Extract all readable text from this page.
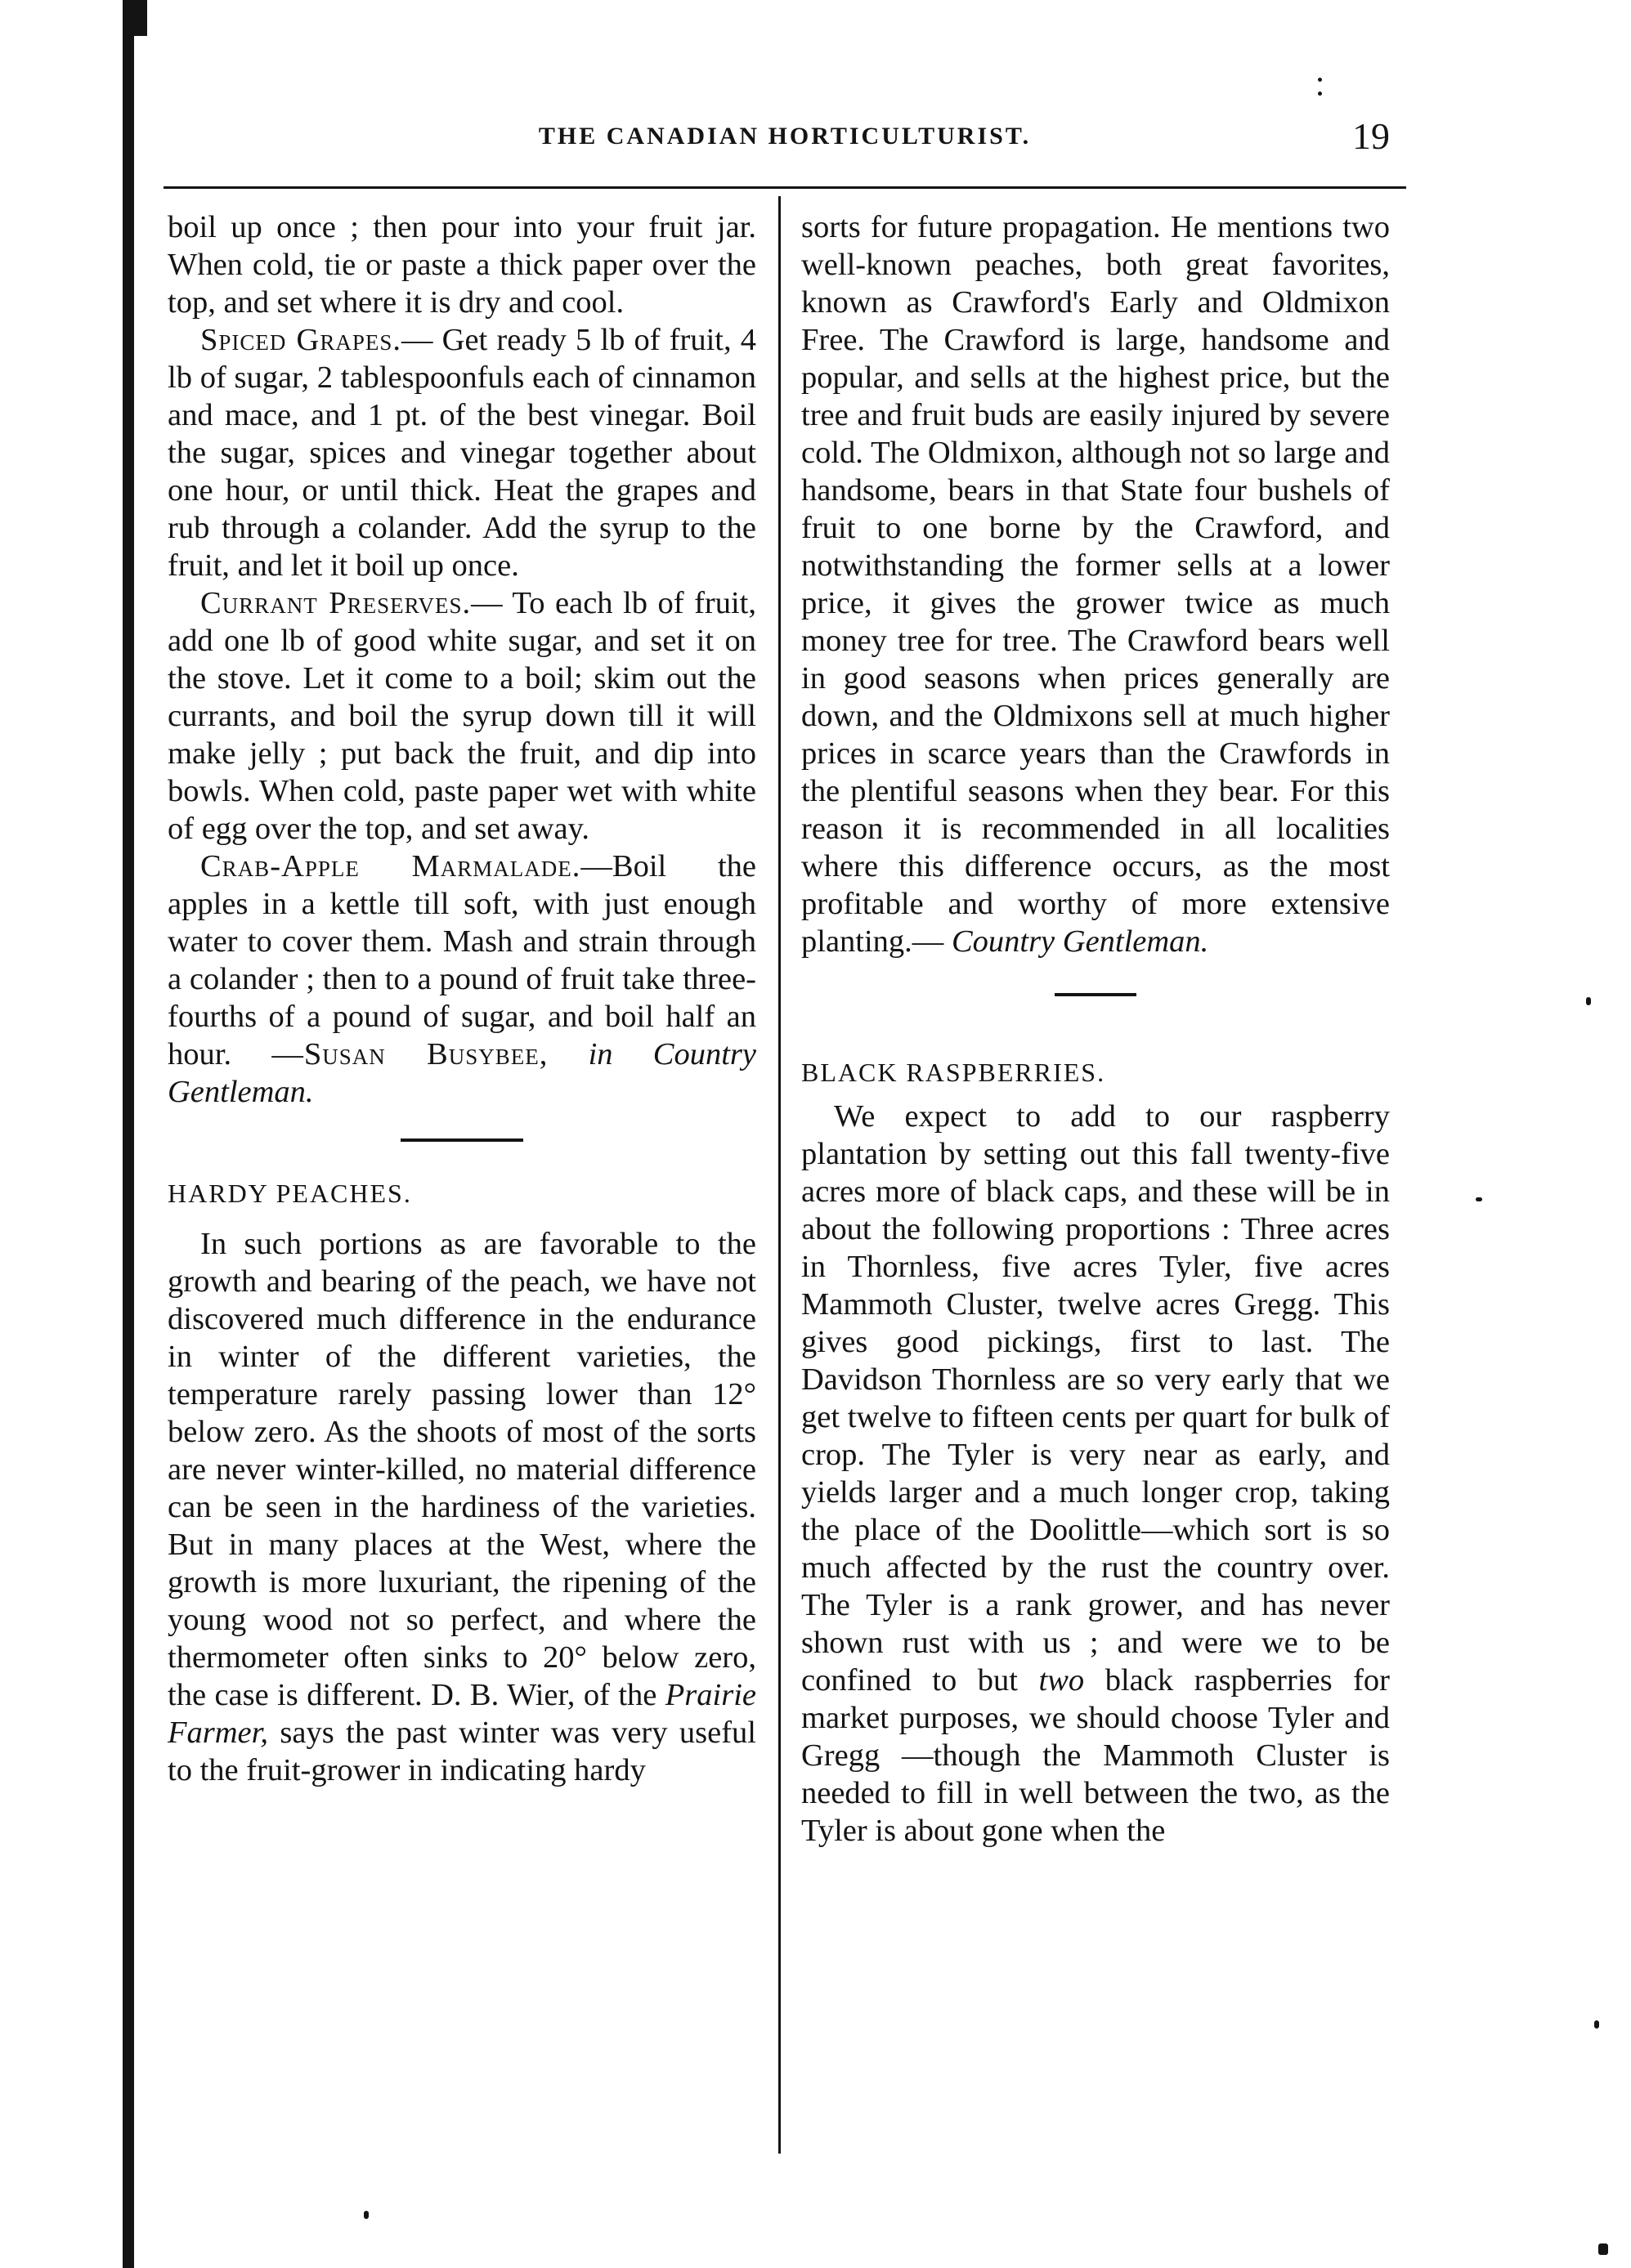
THE CANADIAN HORTICULTURIST.	19

boil up once ; then pour into your fruit jar. When cold, tie or paste a thick paper over the top, and set where it is dry and cool.

Spiced Grapes.— Get ready 5 lb of fruit, 4 lb of sugar, 2 tablespoonfuls each of cinnamon and mace, and 1 pt. of the best vinegar. Boil the sugar, spices and vinegar together about one hour, or until thick. Heat the grapes and rub through a colander. Add the syrup to the fruit, and let it boil up once.

Currant Preserves.— To each lb of fruit, add one lb of good white sugar, and set it on the stove. Let it come to a boil; skim out the currants, and boil the syrup down till it will make jelly ; put back the fruit, and dip into bowls. When cold, paste paper wet with white of egg over the top, and set away.

Crab-Apple Marmalade.—Boil the apples in a kettle till soft, with just enough water to cover them. Mash and strain through a colander ; then to a pound of fruit take three-fourths of a pound of sugar, and boil half an hour. —Susan Busybee, in Country Gentleman.

HARDY PEACHES.

In such portions as are favorable to the growth and bearing of the peach, we have not discovered much difference in the endurance in winter of the different varieties, the temperature rarely passing lower than 12° below zero. As the shoots of most of the sorts are never winter-killed, no material difference can be seen in the hardiness of the varieties. But in many places at the West, where the growth is more luxuriant, the ripening of the young wood not so perfect, and where the thermometer often sinks to 20° below zero, the case is different. D. B. Wier, of the Prairie Farmer, says the past winter was very useful to the fruit-grower in indicating hardy

sorts for future propagation. He mentions two well-known peaches, both great favorites, known as Crawford's Early and Oldmixon Free. The Crawford is large, handsome and popular, and sells at the highest price, but the tree and fruit buds are easily injured by severe cold. The Oldmixon, although not so large and handsome, bears in that State four bushels of fruit to one borne by the Crawford, and notwithstanding the former sells at a lower price, it gives the grower twice as much money tree for tree. The Crawford bears well in good seasons when prices generally are down, and the Oldmixons sell at much higher prices in scarce years than the Crawfords in the plentiful seasons when they bear. For this reason it is recommended in all localities where this difference occurs, as the most profitable and worthy of more extensive planting.— Country Gentleman.

BLACK RASPBERRIES.

We expect to add to our raspberry plantation by setting out this fall twenty-five acres more of black caps, and these will be in about the following proportions : Three acres in Thornless, five acres Tyler, five acres Mammoth Cluster, twelve acres Gregg. This gives good pickings, first to last. The Davidson Thornless are so very early that we get twelve to fifteen cents per quart for bulk of crop. The Tyler is very near as early, and yields larger and a much longer crop, taking the place of the Doolittle—which sort is so much affected by the rust the country over. The Tyler is a rank grower, and has never shown rust with us ; and were we to be confined to but two black raspberries for market purposes, we should choose Tyler and Gregg —though the Mammoth Cluster is needed to fill in well between the two, as the Tyler is about gone when the
